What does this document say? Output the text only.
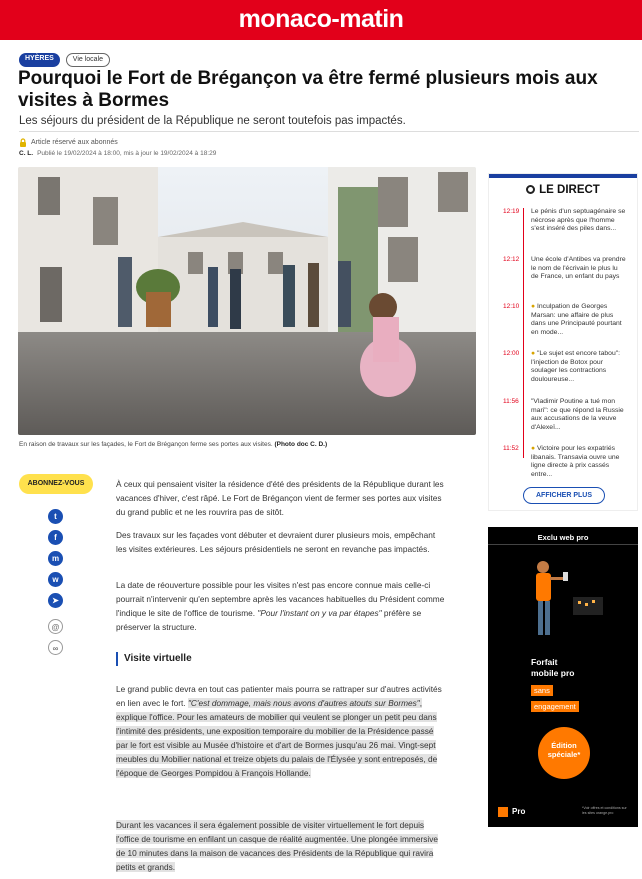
monaco-matin
HYÈRES	Vie locale
Pourquoi le Fort de Brégançon va être fermé plusieurs mois aux visites à Bormes

Les séjours du président de la République ne seront toutefois pas impactés.

Article réservé aux abonnés
C. L. Publié le 19/02/2024 à 18:00, mis à jour le 19/02/2024 à 18:29
En raison de travaux sur les façades, le Fort de Brégançon ferme ses portes aux visites. (Photo doc C. D.)
ABONNEZ-VOUS
t
f
m
w
➤
@
∞

À ceux qui pensaient visiter la résidence d'été des présidents de la République durant les vacances d'hiver, c'est râpé. Le Fort de Brégançon vient de fermer ses portes aux visites du grand public et ne les rouvrira pas de sitôt.

Des travaux sur les façades vont débuter et devraient durer plusieurs mois, empêchant les visites extérieures. Les séjours présidentiels ne seront en revanche pas impactés.

La date de réouverture possible pour les visites n'est pas encore connue mais celle-ci pourrait n'intervenir qu'en septembre après les vacances habituelles du Président comme l'indique le site de l'office de tourisme. "Pour l'instant on y va par étapes" préfère se préserver la structure.

Visite virtuelle

Le grand public devra en tout cas patienter mais pourra se rattraper sur d'autres activités en lien avec le fort. "C'est dommage, mais nous avons d'autres atouts sur Bormes", explique l'office. Pour les amateurs de mobilier qui veulent se plonger un petit peu dans l'intimité des présidents, une exposition temporaire du mobilier de la Présidence passé par le fort est visible au Musée d'histoire et d'art de Bormes jusqu'au 26 mai. Vingt-sept meubles du Mobilier national et treize objets du palais de l'Élysée y sont entreposés, de l'époque de Georges Pompidou à François Hollande.

Durant les vacances il sera également possible de visiter virtuellement le fort depuis l'office de tourisme en enfilant un casque de réalité augmentée. Une plongée immersive de 10 minutes dans la maison de vacances des Présidents de la République qui ravira petits et grands.

LE DIRECT
12:19 Le pénis d'un septuagénaire se nécrose après que l'homme s'est inséré des piles dans...
12:12 Une école d'Antibes va prendre le nom de l'écrivain le plus lu de France, un enfant du pays
12:10 ● Inculpation de Georges Marsan: une affaire de plus dans une Principauté pourtant en mode...
12:00 ● "Le sujet est encore tabou": l'injection de Botox pour soulager les contractions douloureuse...
11:56 "Vladimir Poutine a tué mon mari": ce que répond la Russie aux accusations de la veuve d'Alexeï...
11:52 ● Victoire pour les expatriés libanais. Transavia ouvre une ligne directe à prix cassés entre...
AFFICHER PLUS
Exclu web pro
Forfait
mobile pro
sans
engagement
Édition
spéciale*
Pro	*Voir offres et conditions sur les sites orange.pro
